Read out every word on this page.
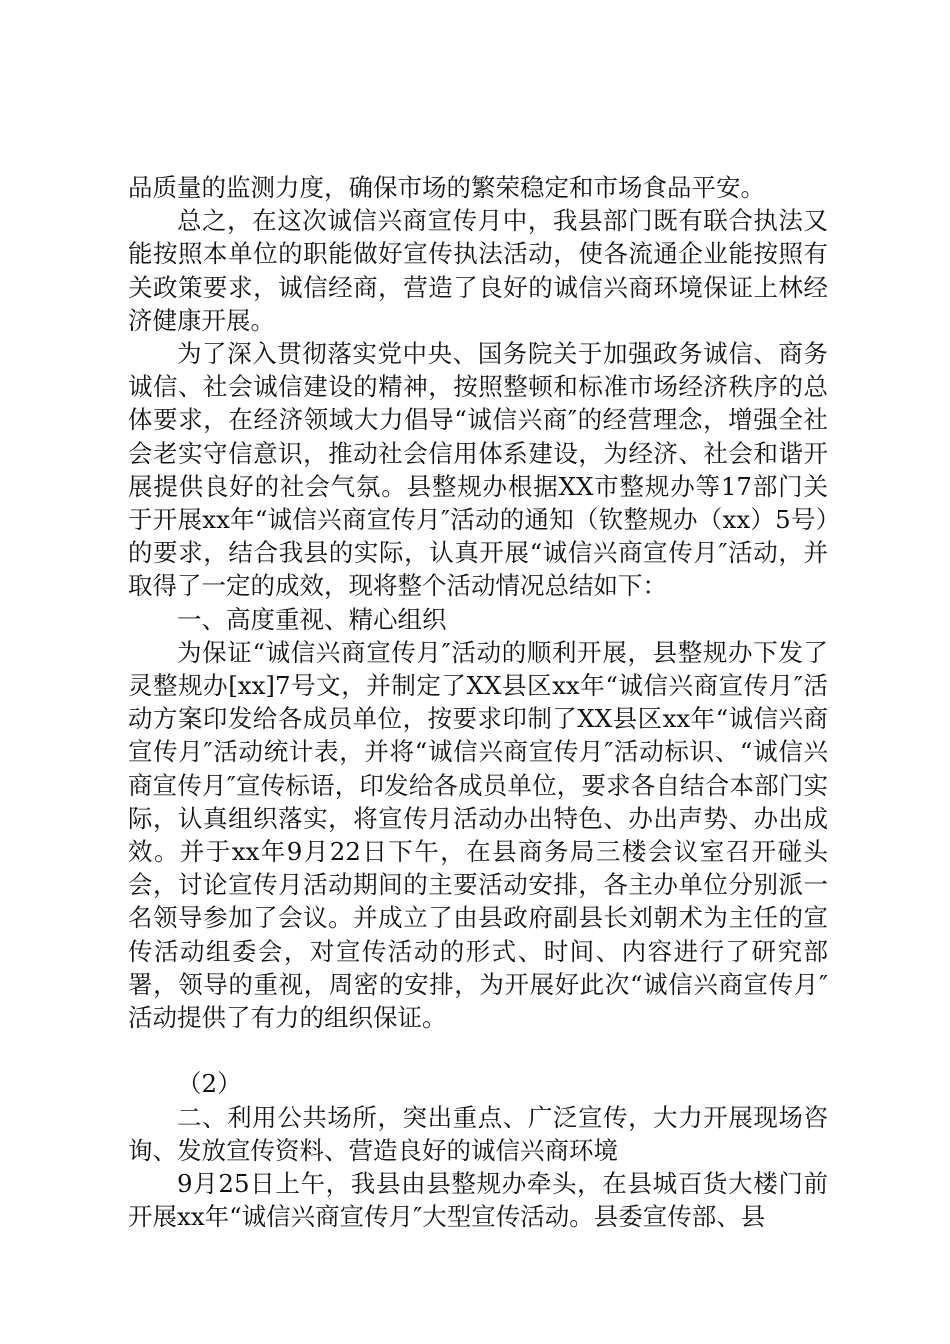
品质量的监测力度，确保市场的繁荣稳定和市场食品平安。

总之，在这次诚信兴商宣传月中，我县部门既有联合执法又能按照本单位的职能做好宣传执法活动，使各流通企业能按照有关政策要求，诚信经商，营造了良好的诚信兴商环境保证上林经济健康开展。

为了深入贯彻落实党中央、国务院关于加强政务诚信、商务诚信、社会诚信建设的精神，按照整顿和标准市场经济秩序的总体要求，在经济领域大力倡导“诚信兴商″的经营理念，增强全社会老实守信意识，推动社会信用体系建设，为经济、社会和谐开展提供良好的社会气氛。县整规办根据XX市整规办等17部门关于开展xx年“诚信兴商宣传月″活动的通知（钦整规办（xx）5号）的要求，结合我县的实际，认真开展“诚信兴商宣传月″活动，并取得了一定的成效，现将整个活动情况总结如下：

一、高度重视、精心组织

为保证“诚信兴商宣传月″活动的顺利开展，县整规办下发了灵整规办[xx]7号文，并制定了XX县区xx年“诚信兴商宣传月″活动方案印发给各成员单位，按要求印制了XX县区xx年“诚信兴商宣传月″活动统计表，并将“诚信兴商宣传月″活动标识、“诚信兴商宣传月″宣传标语，印发给各成员单位，要求各自结合本部门实际，认真组织落实，将宣传月活动办出特色、办出声势、办出成效。并于xx年9月22日下午，在县商务局三楼会议室召开碰头会，讨论宣传月活动期间的主要活动安排，各主办单位分别派一名领导参加了会议。并成立了由县政府副县长刘朝术为主任的宣传活动组委会，对宣传活动的形式、时间、内容进行了研究部署，领导的重视，周密的安排，为开展好此次“诚信兴商宣传月″活动提供了有力的组织保证。

（2）

二、利用公共场所，突出重点、广泛宣传，大力开展现场咨询、发放宣传资料、营造良好的诚信兴商环境

9月25日上午，我县由县整规办牵头，在县城百货大楼门前开展xx年“诚信兴商宣传月″大型宣传活动。县委宣传部、县
